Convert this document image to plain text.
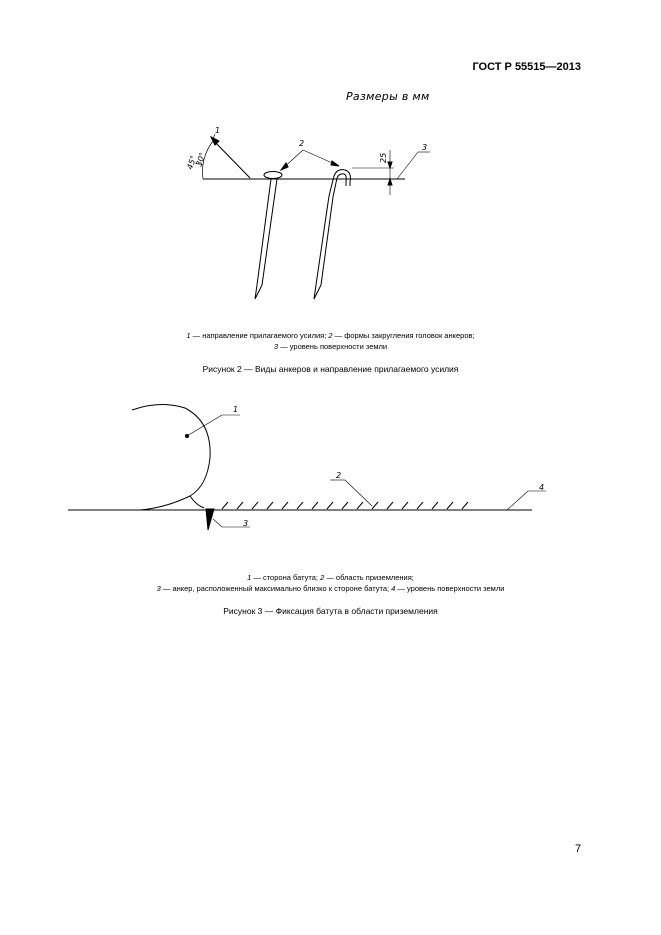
ГОСТ Р 55515—2013
Размеры в мм
1
2	3
45°
30°	25
1 — направление прилагаемого усилия; 2 — формы закругления головок анкеров;
3 — уровень поверхности земли
Рисунок 2 — Виды анкеров и направление прилагаемого усилия
1
2
3
4
1 — сторона батута; 2 — область приземления;
3 — анкер, расположенный максимально близко к стороне батута; 4 — уровень поверхности земли
Рисунок 3 — Фиксация батута в области приземления
7
